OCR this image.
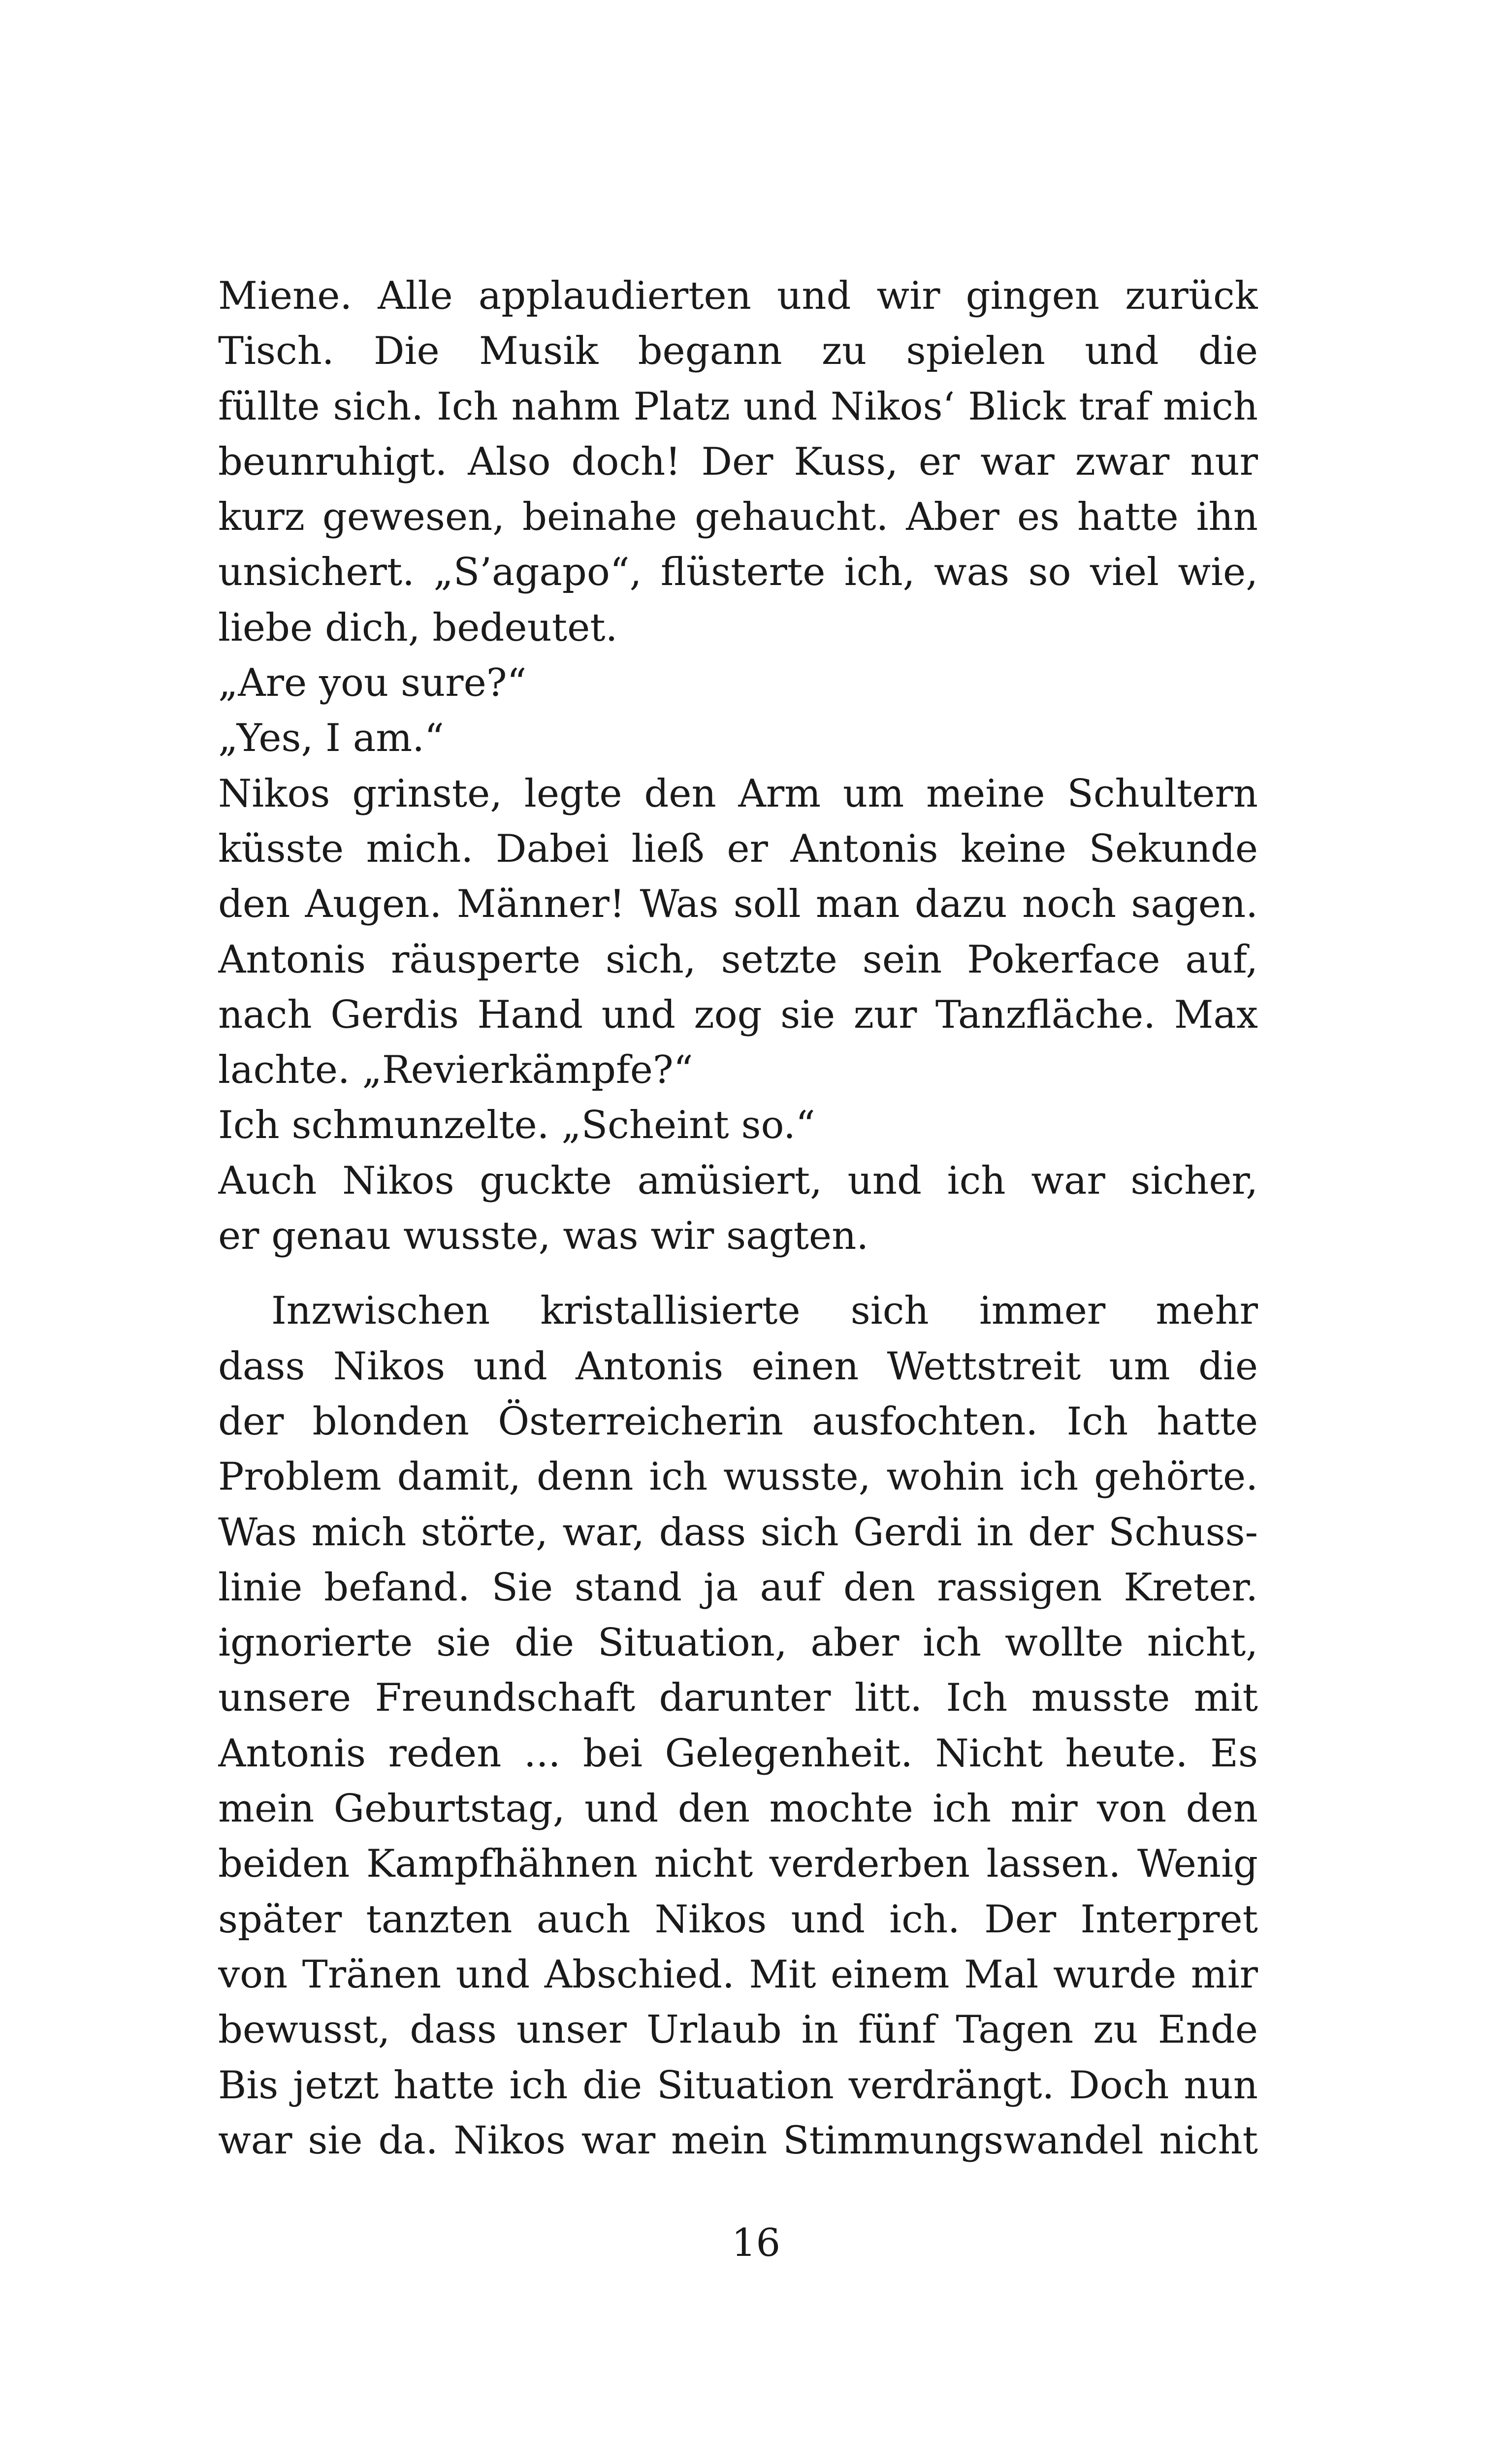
Miene. Alle applaudierten und wir gingen zurück
Tisch. Die Musik begann zu spielen und die
füllte sich. Ich nahm Platz und Nikos‘ Blick traf mich
beunruhigt. Also doch! Der Kuss, er war zwar nur
kurz gewesen, beinahe gehaucht. Aber es hatte ihn
unsichert. „S’agapo“, flüsterte ich, was so viel wie,
liebe dich, bedeutet.
„Are you sure?“
„Yes, I am.“
Nikos grinste, legte den Arm um meine Schultern
küsste mich. Dabei ließ er Antonis keine Sekunde
den Augen. Männer! Was soll man dazu noch sagen.
Antonis räusperte sich, setzte sein Pokerface auf,
nach Gerdis Hand und zog sie zur Tanzfläche. Max
lachte. „Revierkämpfe?“
Ich schmunzelte. „Scheint so.“
Auch Nikos guckte amüsiert, und ich war sicher,
er genau wusste, was wir sagten.
Inzwischen kristallisierte sich immer mehr
dass Nikos und Antonis einen Wettstreit um die
der blonden Österreicherin ausfochten. Ich hatte
Problem damit, denn ich wusste, wohin ich gehörte.
Was mich störte, war, dass sich Gerdi in der Schuss-
linie befand. Sie stand ja auf den rassigen Kreter.
ignorierte sie die Situation, aber ich wollte nicht,
unsere Freundschaft darunter litt. Ich musste mit
Antonis reden ... bei Gelegenheit. Nicht heute. Es
mein Geburtstag, und den mochte ich mir von den
beiden Kampfhähnen nicht verderben lassen. Wenig
später tanzten auch Nikos und ich. Der Interpret
von Tränen und Abschied. Mit einem Mal wurde mir
bewusst, dass unser Urlaub in fünf Tagen zu Ende
Bis jetzt hatte ich die Situation verdrängt. Doch nun
war sie da. Nikos war mein Stimmungswandel nicht
16
